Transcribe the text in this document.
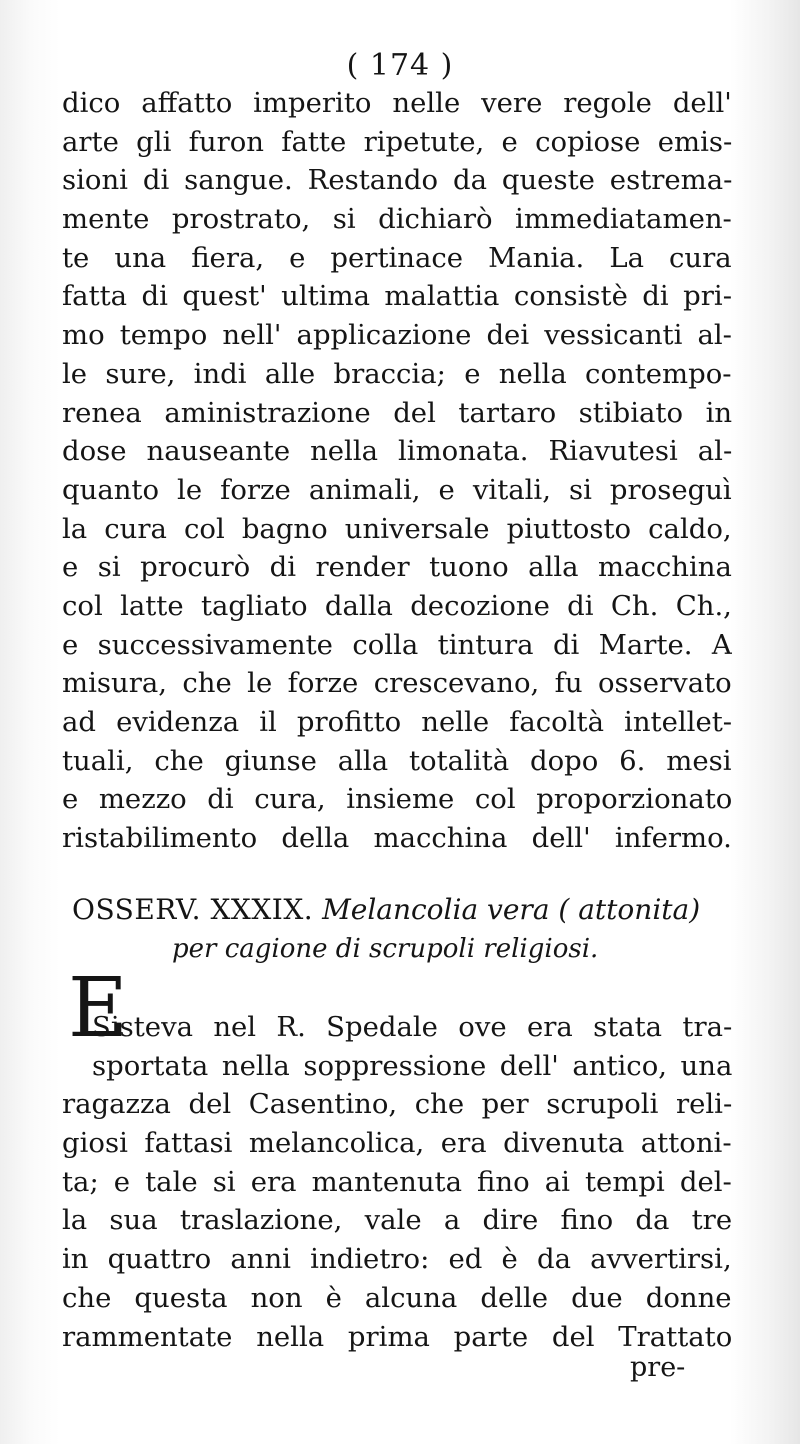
( 174 )
dico affatto imperito nelle vere regole dell'
arte gli furon fatte ripetute, e copiose emis-
sioni di sangue. Restando da queste estrema-
mente prostrato, si dichiarò immediatamen-
te una fiera, e pertinace Mania. La cura
fatta di quest' ultima malattia consistè di pri-
mo tempo nell' applicazione dei vessicanti al-
le sure, indi alle braccia; e nella contempo-
renea aministrazione del tartaro stibiato in
dose nauseante nella limonata. Riavutesi al-
quanto le forze animali, e vitali, si proseguì
la cura col bagno universale piuttosto caldo,
e si procurò di render tuono alla macchina
col latte tagliato dalla decozione di Ch. Ch.,
e successivamente colla tintura di Marte. A
misura, che le forze crescevano, fu osservato
ad evidenza il profitto nelle facoltà intellet-
tuali, che giunse alla totalità dopo 6. mesi
e mezzo di cura, insieme col proporzionato
ristabilimento della macchina dell' infermo.
OSSERV. XXXIX. Melancolia vera ( attonita)
per cagione di scrupoli religiosi.
E
Sisteva nel R. Spedale ove era stata tra-
sportata nella soppressione dell' antico, una
ragazza del Casentino, che per scrupoli reli-
giosi fattasi melancolica, era divenuta attoni-
ta; e tale si era mantenuta fino ai tempi del-
la sua traslazione, vale a dire fino da tre
in quattro anni indietro: ed è da avvertirsi,
che questa non è alcuna delle due donne
rammentate nella prima parte del Trattato
pre-
